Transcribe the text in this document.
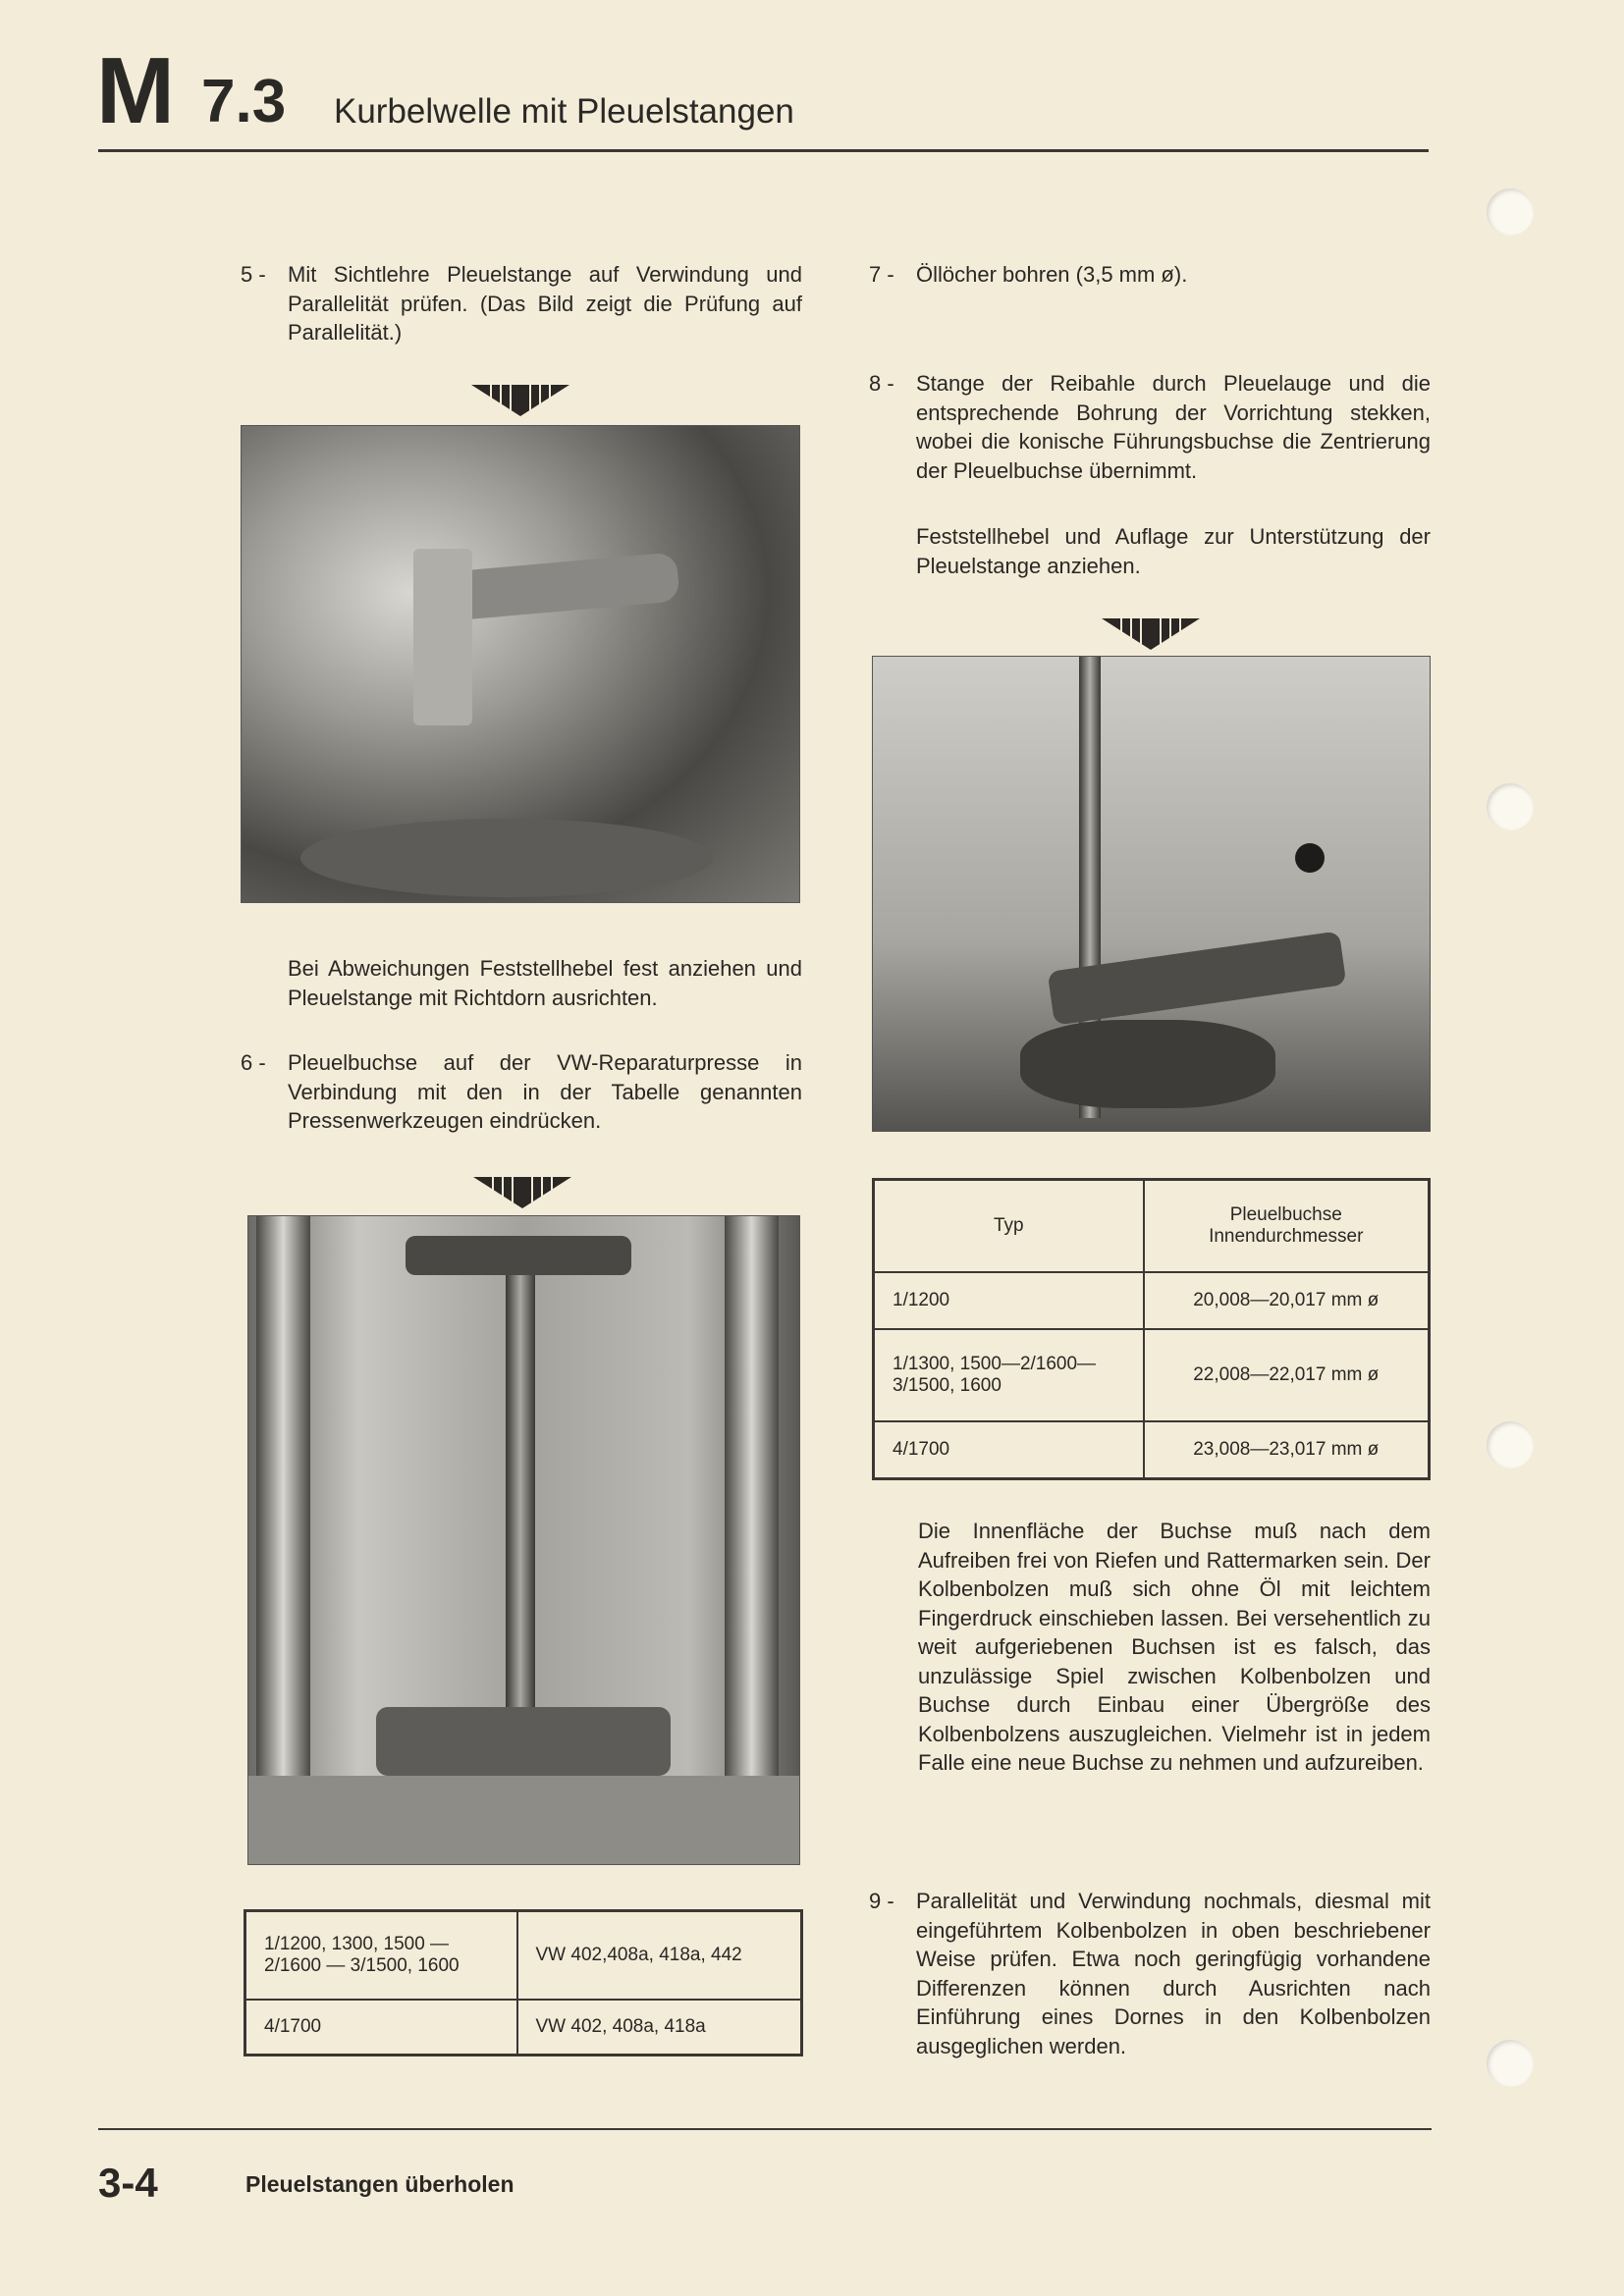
M 7.3 Kurbelwelle mit Pleuelstangen
5 -	Mit Sichtlehre Pleuelstange auf Verwindung und Parallelität prüfen. (Das Bild zeigt die Prüfung auf Parallelität.)

Bei Abweichungen Feststellhebel fest anziehen und Pleuelstange mit Richtdorn ausrichten.

6 -	Pleuelbuchse auf der VW-Reparaturpresse in Verbindung mit den in der Tabelle genannten Pressenwerkzeugen eindrücken.

1/1200, 1300, 1500 — 2/1600 — 3/1500, 1600	VW 402,408a, 418a, 442
4/1700	VW 402, 408a, 418a
7 -	Öllöcher bohren (3,5 mm ø).

8 -	Stange der Reibahle durch Pleuelauge und die entsprechende Bohrung der Vorrichtung stekken, wobei die konische Führungsbuchse die Zentrierung der Pleuelbuchse übernimmt.

Feststellhebel und Auflage zur Unterstützung der Pleuelstange anziehen.

Typ	Pleuelbuchse Innendurchmesser
1/1200	20,008—20,017 mm ø
1/1300, 1500—2/1600— 3/1500, 1600	22,008—22,017 mm ø
4/1700	23,008—23,017 mm ø

Die Innenfläche der Buchse muß nach dem Aufreiben frei von Riefen und Rattermarken sein. Der Kolbenbolzen muß sich ohne Öl mit leichtem Fingerdruck einschieben lassen. Bei versehentlich zu weit aufgeriebenen Buchsen ist es falsch, das unzulässige Spiel zwischen Kolbenbolzen und Buchse durch Einbau einer Übergröße des Kolbenbolzens auszugleichen. Vielmehr ist in jedem Falle eine neue Buchse zu nehmen und aufzureiben.

9 -	Parallelität und Verwindung nochmals, diesmal mit eingeführtem Kolbenbolzen in oben beschriebener Weise prüfen. Etwa noch geringfügig vorhandene Differenzen können durch Ausrichten nach Einführung eines Dornes in den Kolbenbolzen ausgeglichen werden.

3-4	Pleuelstangen überholen
